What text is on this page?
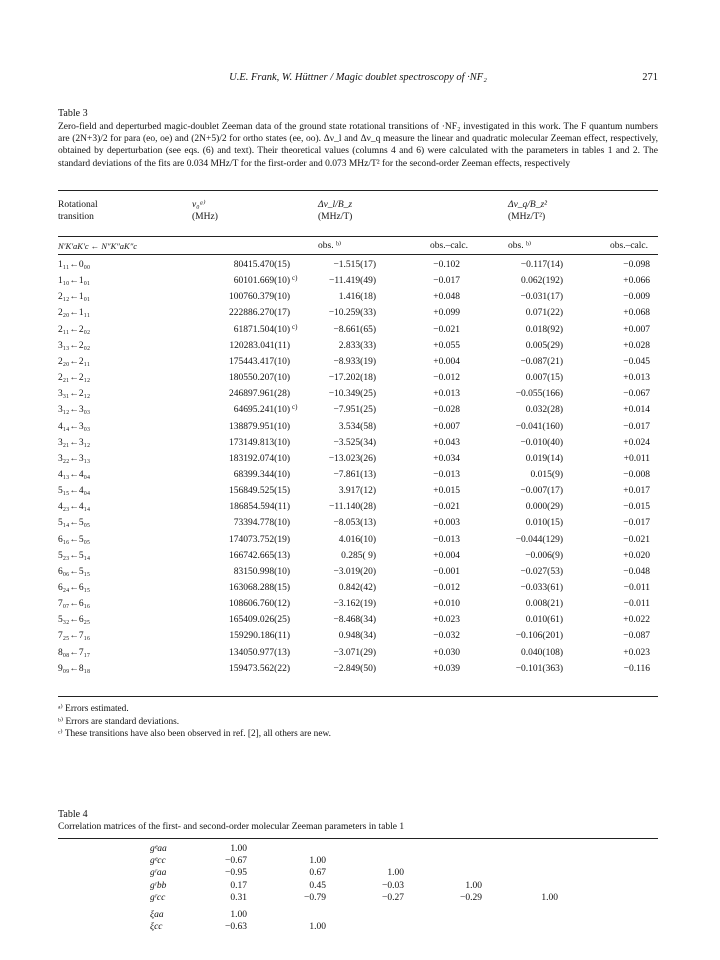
U.E. Frank, W. Hüttner / Magic doublet spectroscopy of ·NF₂	271
Table 3
Zero-field and deperturbed magic-doublet Zeeman data of the ground state rotational transitions of ·NF₂ investigated in this work. The F quantum numbers are (2N+3)/2 for para (eo, oe) and (2N+5)/2 for ortho states (ee, oo). Δν_l and Δν_q measure the linear and quadratic molecular Zeeman effect, respectively, obtained by deperturbation (see eqs. (6) and text). Their theoretical values (columns 4 and 6) were calculated with the parameters in tables 1 and 2. The standard deviations of the fits are 0.034 MHz/T for the first-order and 0.073 MHz/T² for the second-order Zeeman effects, respectively
Rotational
transition
ν₀ᵃ⁾
(MHz)
Δν_l/B_z
(MHz/T)
Δν_q/B_z²
(MHz/T²)
N′K′aK′c ← N″K″aK″c	obs. ᵇ⁾	obs.–calc.	obs. ᵇ⁾	obs.–calc.
1₁₁←0₀₀	80415.470(15)	−1.515(17)	−0.102	−0.117(14)	−0.098
1₁₀←1₀₁	60101.669(10)	−11.419(49)	−0.017	0.062(192)	+0.066
c)
2₁₂←1₀₁	100760.379(10)	1.416(18)	+0.048	−0.031(17)	−0.009
2₂₀←1₁₁	222886.270(17)	−10.259(33)	+0.099	0.071(22)	+0.068
2₁₁←2₀₂	61871.504(10)	−8.661(65)	−0.021	0.018(92)	+0.007
c)
3₁₃←2₀₂	120283.041(11)	2.833(33)	+0.055	0.005(29)	+0.028
2₂₀←2₁₁	175443.417(10)	−8.933(19)	+0.004	−0.087(21)	−0.045
2₂₁←2₁₂	180550.207(10)	−17.202(18)	−0.012	0.007(15)	+0.013
3₃₁←2₁₂	246897.961(28)	−10.349(25)	+0.013	−0.055(166)	−0.067
3₁₂←3₀₃	64695.241(10)	−7.951(25)	−0.028	0.032(28)	+0.014
c)
4₁₄←3₀₃	138879.951(10)	3.534(58)	+0.007	−0.041(160)	−0.017
3₂₁←3₁₂	173149.813(10)	−3.525(34)	+0.043	−0.010(40)	+0.024
3₂₂←3₁₃	183192.074(10)	−13.023(26)	+0.034	0.019(14)	+0.011
4₁₃←4₀₄	68399.344(10)	−7.861(13)	−0.013	0.015(9)	−0.008
5₁₅←4₀₄	156849.525(15)	3.917(12)	+0.015	−0.007(17)	+0.017
4₂₃←4₁₄	186854.594(11)	−11.140(28)	−0.021	0.000(29)	−0.015
5₁₄←5₀₅	73394.778(10)	−8.053(13)	+0.003	0.010(15)	−0.017
6₁₆←5₀₅	174073.752(19)	4.016(10)	−0.013	−0.044(129)	−0.021
5₂₃←5₁₄	166742.665(13)	0.285( 9)	+0.004	−0.006(9)	+0.020
6₀₆←5₁₅	83150.998(10)	−3.019(20)	−0.001	−0.027(53)	−0.048
6₂₄←6₁₅	163068.288(15)	0.842(42)	−0.012	−0.033(61)	−0.011
7₀₇←6₁₆	108606.760(12)	−3.162(19)	+0.010	0.008(21)	−0.011
5₃₂←6₂₅	165409.026(25)	−8.468(34)	+0.023	0.010(61)	+0.022
7₂₅←7₁₆	159290.186(11)	0.948(34)	−0.032	−0.106(201)	−0.087
8₀₈←7₁₇	134050.977(13)	−3.071(29)	+0.030	0.040(108)	+0.023
9₀₉←8₁₈	159473.562(22)	−2.849(50)	+0.039	−0.101(363)	−0.116
ᵃ⁾ Errors estimated.
ᵇ⁾ Errors are standard deviations.
ᶜ⁾ These transitions have also been observed in ref. [2], all others are new.
Table 4
Correlation matrices of the first- and second-order molecular Zeeman parameters in table 1
gᵉaa	1.00
gᵉcc	−0.67	1.00
gʳaa	−0.95	0.67	1.00
gʳbb	0.17	0.45	−0.03	1.00
gʳcc	0.31	−0.79	−0.27	−0.29	1.00
ξaa	1.00
ξcc	−0.63	1.00
